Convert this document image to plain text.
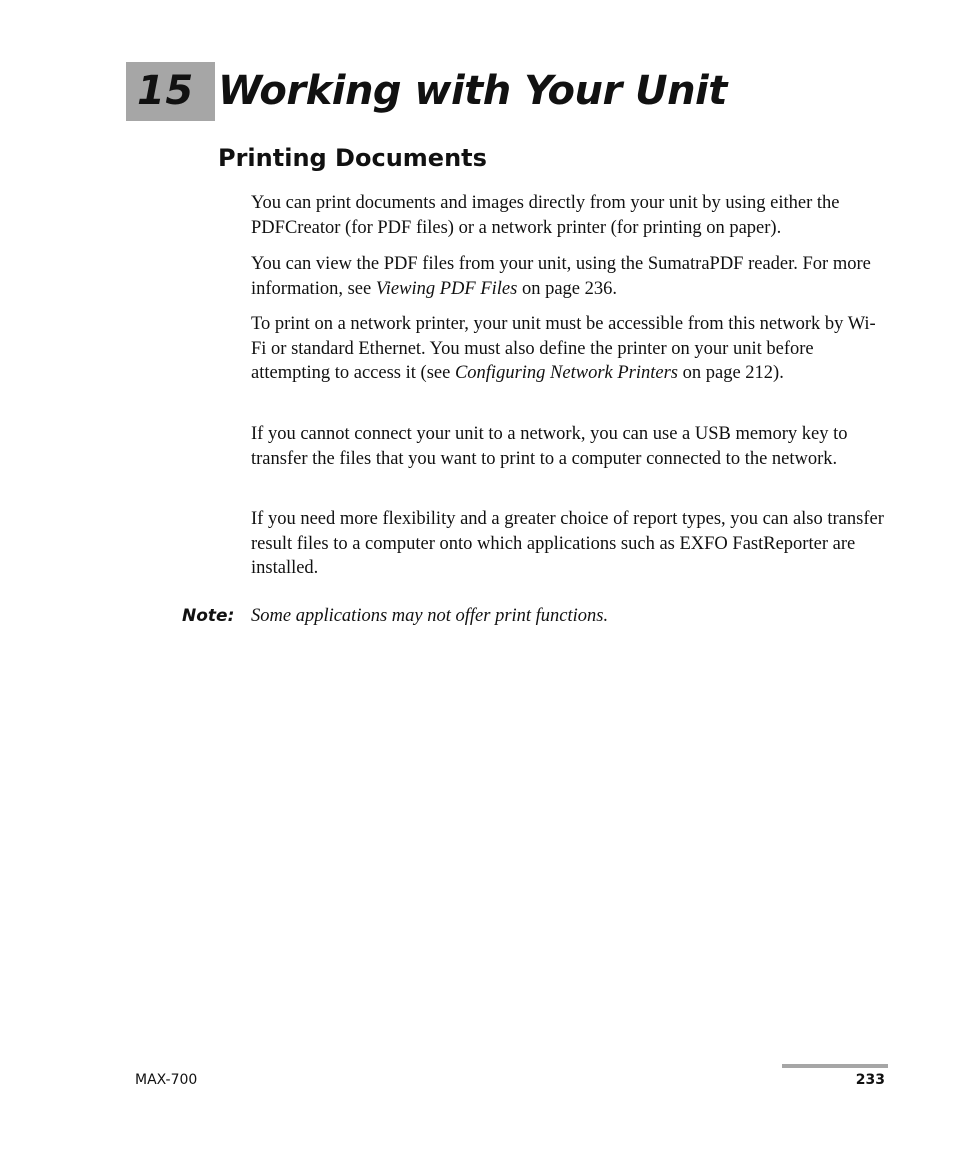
15 Working with Your Unit
Printing Documents

You can print documents and images directly from your unit by using either the PDFCreator (for PDF files) or a network printer (for printing on paper).

You can view the PDF files from your unit, using the SumatraPDF reader. For more information, see Viewing PDF Files on page 236.

To print on a network printer, your unit must be accessible from this network by Wi-Fi or standard Ethernet. You must also define the printer on your unit before attempting to access it (see Configuring Network Printers on page 212).

If you cannot connect your unit to a network, you can use a USB memory key to transfer the files that you want to print to a computer connected to the network.

If you need more flexibility and a greater choice of report types, you can also transfer result files to a computer onto which applications such as EXFO FastReporter are installed.

Note: Some applications may not offer print functions.
MAX-700	233
